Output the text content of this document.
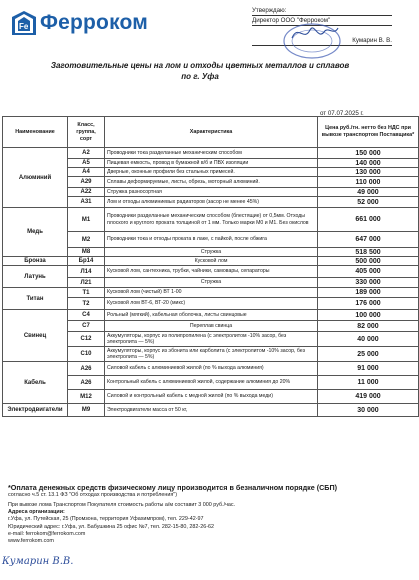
Fe Ферроком
Утверждаю:
Директор ООО "Ферроком"
Кумарин В. В.
от 07.07.2025 г.
Заготовительные цены на лом и отходы цветных металлов и сплавов
по г. Уфа
Наименование	Класс, группа, сорт	Характеристика	Цена руб./тн. нетто без НДС при вывозе транспортом Поставщика*
Алюминий	А2	Проводники тока разделанные механическим способом	150 000
	А5	Пищевая емкость, провод в бумажной в/б и ПВХ изоляции	140 000
	А4	Дверные, оконные профили без стальных примесей.	130 000
	А29	Сплавы деформируемые, листы, обрезь, моторный алюминий.	110 000
	А22	Стружка разносортная	49 000
	А31	Лом и отходы алюминиевых радиаторов (засор не менее 45%)	52 000
Медь	М1	Проводники разделанные механическим способом (блестящие) от 0,5мм. Отходы плоского и круглого проката толщиной от 1 мм. Только марки М0 и М1. Без окислов	661 000
	М2	Проводники тока и отходы проката в лаке, с пайкой, после обжига	647 000
	М8	Стружка	518 500
Бронза	Бр14	Кусковой лом	500 000
Латунь	Л14	Кусковой лом, сантехника, трубки, чайники, самовары, сепараторы	405 000
	Л21	Стружка	330 000
Титан	Т1	Кусковой лом (чистый) ВТ 1-00	189 000
	Т2	Кусковой лом ВТ-6, ВТ-20 (микс)	176 000
Свинец	С4	Рольный (мягкий), кабельная оболочка, листы свинцовые	100 000
	С7	Переплав свинца	82 000
	С12	Аккумуляторы, корпус из полипропилена (с электролитом -10% засор, без электролита — 5%)	40 000
	С10	Аккумуляторы, корпус из эбонита или карболита (с электролитом -10% засор, без электролита — 5%)	25 000
Кабель	А26	Силовой кабель с алюминиевой жилой (по % выхода алюминия)	91 000
	А26	Контрольный кабель с алюминиевой жилой, содержание алюминия до 20%	11 000
	М12	Силовой и контрольный кабель с медной жилой (по % выхода меди)	419 000
Электродвигатели	М9	Электродвигатели масса от 50 кг,	30 000
*Оплата денежных средств физическому лицу производится в безналичном порядке (СБП)
согласно ч.5 ст. 13.1 ФЗ "Об отходах производства и потребления")
При вывозе лома Транспортом Покупателя стоимость работы а/м составит 3 000 руб./час.
Адреса организации:
г.Уфа, ул. Путейская, 25 (Промзона, территория Уфахимпром), тел. 229-42-97
Юридический адрес: г.Уфа, ул. Бабушкина 25 офис №7, тел. 282-15-80, 282-26-62
e-mail: ferrokom@ferrokom.com
www.ferrokom.com
Кумарин В.В.
